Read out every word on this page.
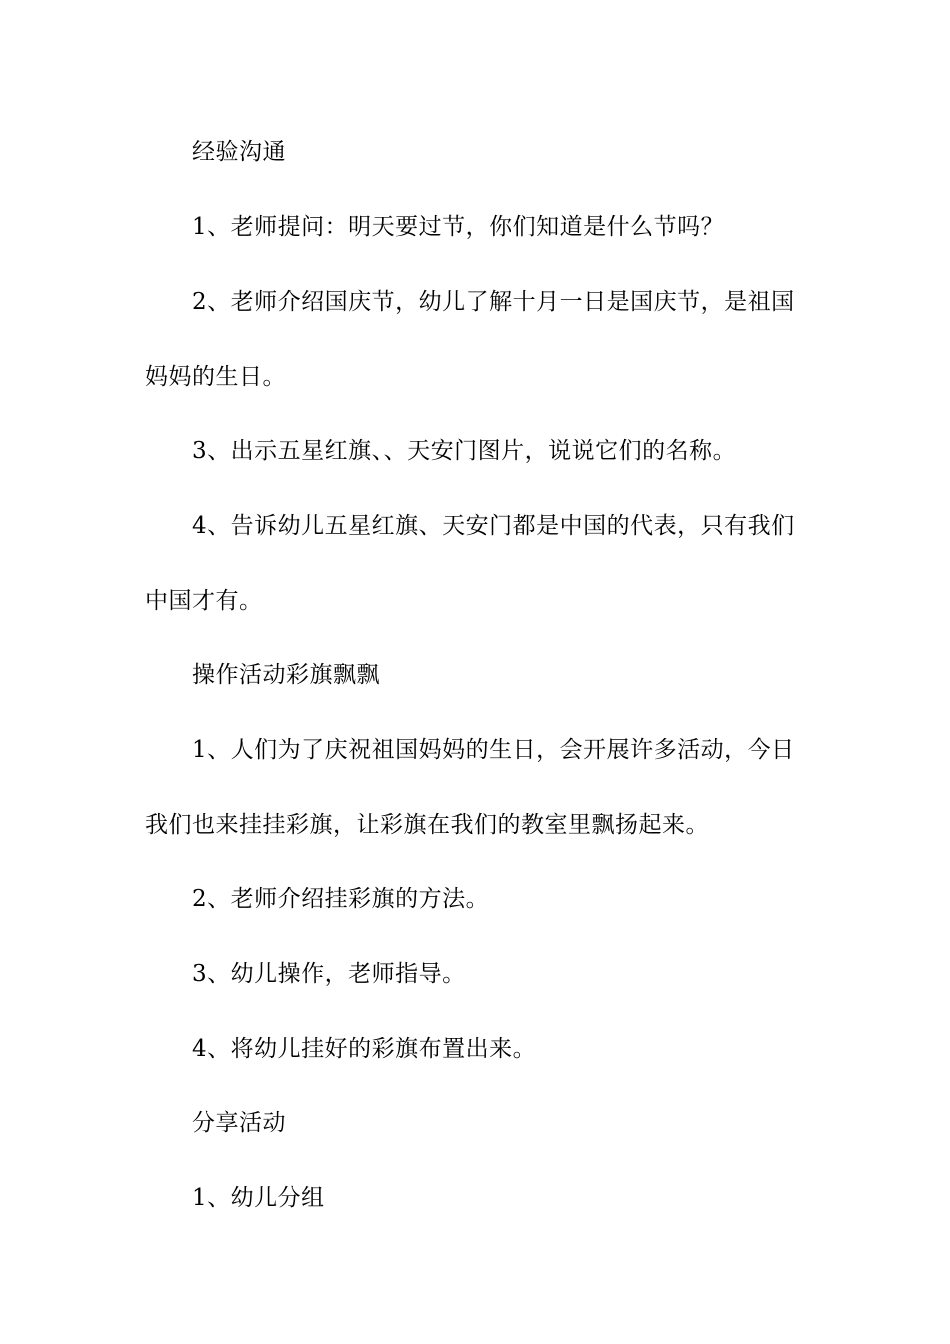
经验沟通
1、老师提问：明天要过节，你们知道是什么节吗？
2、老师介绍国庆节，幼儿了解十月一日是国庆节，是祖国
妈妈的生日。
3、出示五星红旗、、天安门图片，说说它们的名称。
4、告诉幼儿五星红旗、天安门都是中国的代表，只有我们
中国才有。
操作活动彩旗飘飘
1、人们为了庆祝祖国妈妈的生日，会开展许多活动，今日
我们也来挂挂彩旗，让彩旗在我们的教室里飘扬起来。
2、老师介绍挂彩旗的方法。
3、幼儿操作，老师指导。
4、将幼儿挂好的彩旗布置出来。
分享活动
1、幼儿分组
